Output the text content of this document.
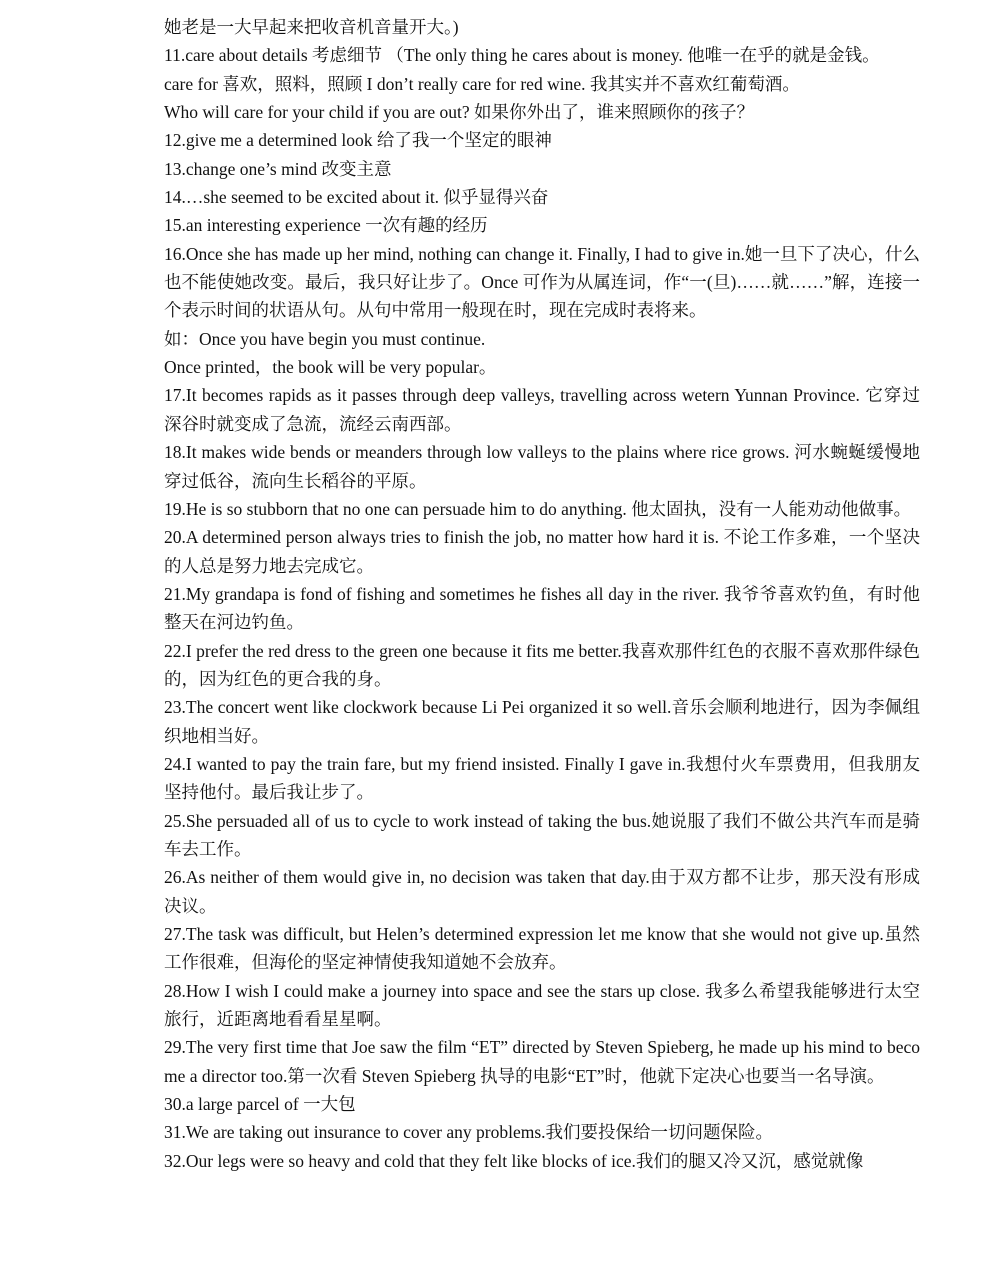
她老是一大早起来把收音机音量开大。)

11.care about details 考虑细节 （The only thing he cares about is money. 他唯一在乎的就是金钱。

care for 喜欢，照料，照顾 I don’t really care for red wine. 我其实并不喜欢红葡萄酒。

Who will care for your child if you are out? 如果你外出了，谁来照顾你的孩子？

12.give me a determined look 给了我一个坚定的眼神

13.change one’s mind 改变主意

14.…she seemed to be excited about it. 似乎显得兴奋

15.an interesting experience 一次有趣的经历

16.Once she has made up her mind, nothing can change it. Finally, I had to give in.她一旦下了决心，什么也不能使她改变。最后，我只好让步了。Once 可作为从属连词，作“一(旦)……就……”解，连接一个表示时间的状语从句。从句中常用一般现在时，现在完成时表将来。

如：Once you have begin you must continue.

Once printed，the book will be very popular。

17.It becomes rapids as it passes through deep valleys, travelling across wetern Yunnan Province. 它穿过深谷时就变成了急流，流经云南西部。

18.It makes wide bends or meanders through low valleys to the plains where rice grows. 河水蜿蜒缓慢地穿过低谷，流向生长稻谷的平原。

19.He is so stubborn that no one can persuade him to do anything. 他太固执，没有一人能劝动他做事。

20.A determined person always tries to finish the job, no matter how hard it is. 不论工作多难，一个坚决的人总是努力地去完成它。

21.My grandapa is fond of fishing and sometimes he fishes all day in the river. 我爷爷喜欢钓鱼，有时他整天在河边钓鱼。

22.I prefer the red dress to the green one because it fits me better.我喜欢那件红色的衣服不喜欢那件绿色的，因为红色的更合我的身。

23.The concert went like clockwork because Li Pei organized it so well.音乐会顺利地进行，因为李佩组织地相当好。

24.I wanted to pay the train fare, but my friend insisted. Finally I gave in.我想付火车票费用，但我朋友坚持他付。最后我让步了。

25.She persuaded all of us to cycle to work instead of taking the bus.她说服了我们不做公共汽车而是骑车去工作。

26.As neither of them would give in, no decision was taken that day.由于双方都不让步，那天没有形成决议。

27.The task was difficult, but Helen’s determined expression let me know that she would not give up.虽然工作很难，但海伦的坚定神情使我知道她不会放弃。

28.How I wish I could make a journey into space and see the stars up close. 我多么希望我能够进行太空旅行，近距离地看看星星啊。

29.The very first time that Joe saw the film “ET” directed by Steven Spieberg, he made up his mind to become a director too.第一次看 Steven Spieberg 执导的电影“ET”时，他就下定决心也要当一名导演。

30.a large parcel of 一大包

31.We are taking out insurance to cover any problems.我们要投保给一切问题保险。

32.Our legs were so heavy and cold that they felt like blocks of ice.我们的腿又冷又沉，感觉就像
